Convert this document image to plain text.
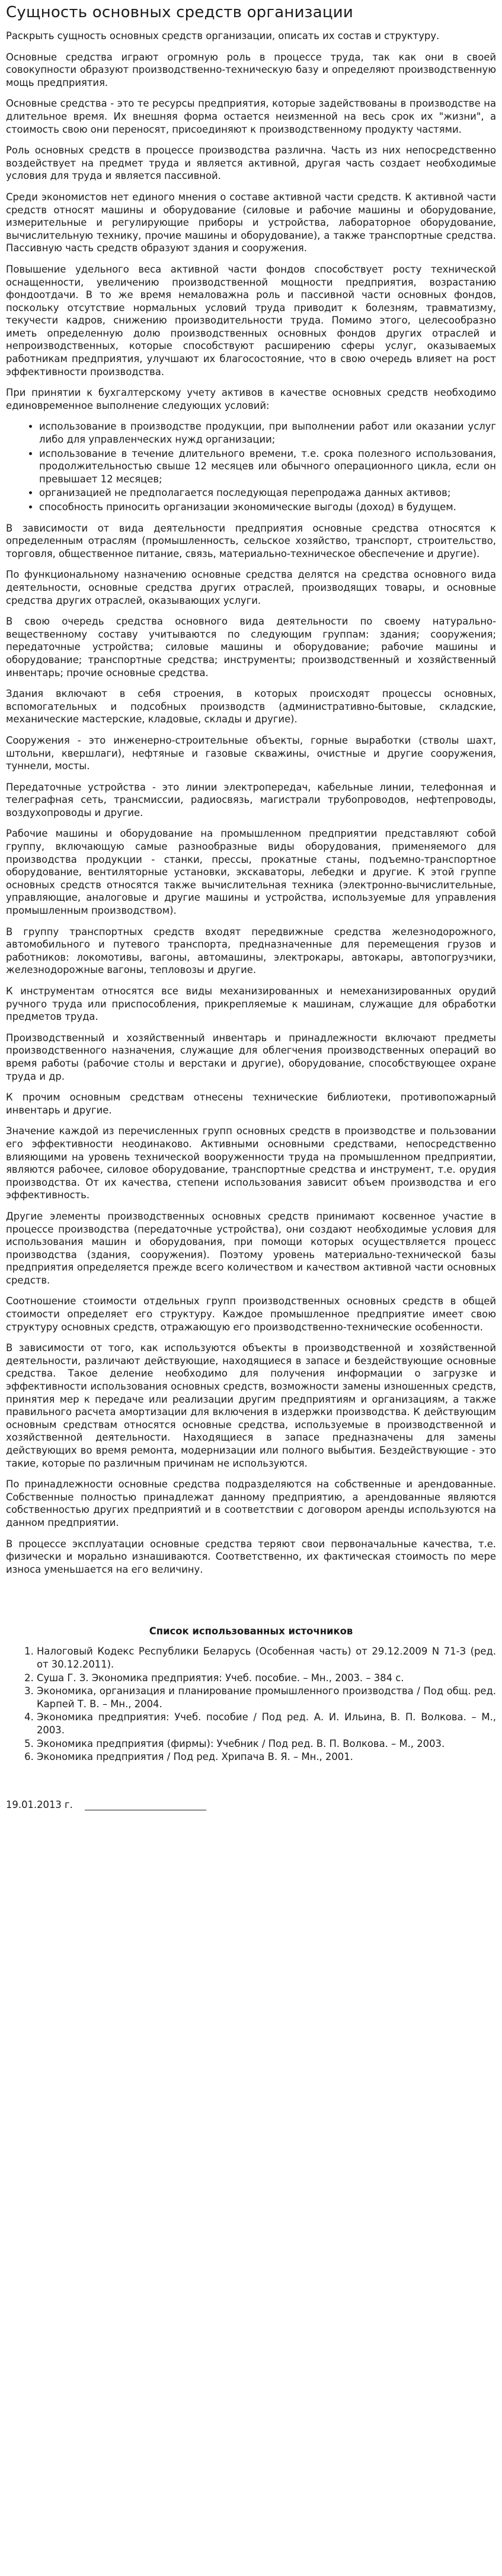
Сущность основных средств организации

Раскрыть сущность основных средств организации, описать их состав и структуру.

Основные средства играют огромную роль в процессе труда, так как они в своей совокупности образуют производственно-техническую базу и определяют производственную мощь предприятия.

Основные средства - это те ресурсы предприятия, которые задействованы в производстве на длительное время. Их внешняя форма остается неизменной на весь срок их "жизни", а стоимость свою они переносят, присоединяют к производственному продукту частями.

Роль основных средств в процессе производства различна. Часть из них непосредственно воздействует на предмет труда и является активной, другая часть создает необходимые условия для труда и является пассивной.

Среди экономистов нет единого мнения о составе активной части средств. К активной части средств относят машины и оборудование (силовые и рабочие машины и оборудование, измерительные и регулирующие приборы и устройства, лабораторное оборудование, вычислительную технику, прочие машины и оборудование), а также транспортные средства. Пассивную часть средств образуют здания и сооружения.

Повышение удельного веса активной части фондов способствует росту технической оснащенности, увеличению производственной мощности предприятия, возрастанию фондоотдачи. В то же время немаловажна роль и пассивной части основных фондов, поскольку отсутствие нормальных условий труда приводит к болезням, травматизму, текучести кадров, снижению производительности труда. Помимо этого, целесообразно иметь определенную долю производственных основных фондов других отраслей и непроизводственных, которые способствуют расширению сферы услуг, оказываемых работникам предприятия, улучшают их благосостояние, что в свою очередь влияет на рост эффективности производства.

При принятии к бухгалтерскому учету активов в качестве основных средств необходимо единовременное выполнение следующих условий:

• использование в производстве продукции, при выполнении работ или оказании услуг либо для управленческих нужд организации;
• использование в течение длительного времени, т.е. срока полезного использования, продолжительностью свыше 12 месяцев или обычного операционного цикла, если он превышает 12 месяцев;
• организацией не предполагается последующая перепродажа данных активов;
• способность приносить организации экономические выгоды (доход) в будущем.

В зависимости от вида деятельности предприятия основные средства относятся к определенным отраслям (промышленность, сельское хозяйство, транспорт, строительство, торговля, общественное питание, связь, материально-техническое обеспечение и другие).

По функциональному назначению основные средства делятся на средства основного вида деятельности, основные средства других отраслей, производящих товары, и основные средства других отраслей, оказывающих услуги.

В свою очередь средства основного вида деятельности по своему натурально-вещественному составу учитываются по следующим группам: здания; сооружения; передаточные устройства; силовые машины и оборудование; рабочие машины и оборудование; транспортные средства; инструменты; производственный и хозяйственный инвентарь; прочие основные средства.

Здания включают в себя строения, в которых происходят процессы основных, вспомогательных и подсобных производств (административно-бытовые, складские, механические мастерские, кладовые, склады и другие).

Сооружения - это инженерно-строительные объекты, горные выработки (стволы шахт, штольни, квершлаги), нефтяные и газовые скважины, очистные и другие сооружения, туннели, мосты.

Передаточные устройства - это линии электропередач, кабельные линии, телефонная и телеграфная сеть, трансмиссии, радиосвязь, магистрали трубопроводов, нефтепроводы, воздухопроводы и другие.

Рабочие машины и оборудование на промышленном предприятии представляют собой группу, включающую самые разнообразные виды оборудования, применяемого для производства продукции - станки, прессы, прокатные станы, подъемно-транспортное оборудование, вентиляторные установки, экскаваторы, лебедки и другие. К этой группе основных средств относятся также вычислительная техника (электронно-вычислительные, управляющие, аналоговые и другие машины и устройства, используемые для управления промышленным производством).

В группу транспортных средств входят передвижные средства железнодорожного, автомобильного и путевого транспорта, предназначенные для перемещения грузов и работников: локомотивы, вагоны, автомашины, электрокары, автокары, автопогрузчики, железнодорожные вагоны, тепловозы и другие.

К инструментам относятся все виды механизированных и немеханизированных орудий ручного труда или приспособления, прикрепляемые к машинам, служащие для обработки предметов труда.

Производственный и хозяйственный инвентарь и принадлежности включают предметы производственного назначения, служащие для облегчения производственных операций во время работы (рабочие столы и верстаки и другие), оборудование, способствующее охране труда и др.

К прочим основным средствам отнесены технические библиотеки, противопожарный инвентарь и другие.

Значение каждой из перечисленных групп основных средств в производстве и пользовании его эффективности неодинаково. Активными основными средствами, непосредственно влияющими на уровень технической вооруженности труда на промышленном предприятии, являются рабочее, силовое оборудование, транспортные средства и инструмент, т.е. орудия производства. От их качества, степени использования зависит объем производства и его эффективность.

Другие элементы производственных основных средств принимают косвенное участие в процессе производства (передаточные устройства), они создают необходимые условия для использования машин и оборудования, при помощи которых осуществляется процесс производства (здания, сооружения). Поэтому уровень материально-технической базы предприятия определяется прежде всего количеством и качеством активной части основных средств.

Соотношение стоимости отдельных групп производственных основных средств в общей стоимости определяет его структуру. Каждое промышленное предприятие имеет свою структуру основных средств, отражающую его производственно-технические особенности.

В зависимости от того, как используются объекты в производственной и хозяйственной деятельности, различают действующие, находящиеся в запасе и бездействующие основные средства. Такое деление необходимо для получения информации о загрузке и эффективности использования основных средств, возможности замены изношенных средств, принятия мер к передаче или реализации другим предприятиям и организациям, а также правильного расчета амортизации для включения в издержки производства. К действующим основным средствам относятся основные средства, используемые в производственной и хозяйственной деятельности. Находящиеся в запасе предназначены для замены действующих во время ремонта, модернизации или полного выбытия. Бездействующие - это такие, которые по различным причинам не используются.

По принадлежности основные средства подразделяются на собственные и арендованные. Собственные полностью принадлежат данному предприятию, а арендованные являются собственностью других предприятий и в соответствии с договором аренды используются на данном предприятии.

В процессе эксплуатации основные средства теряют свои первоначальные качества, т.е. физически и морально изнашиваются. Соответственно, их фактическая стоимость по мере износа уменьшается на его величину.

Список использованных источников
1. Налоговый Кодекс Республики Беларусь (Особенная часть) от 29.12.2009 N 71-З (ред. от 30.12.2011).
2. Суша Г. З. Экономика предприятия: Учеб. пособие. – Мн., 2003. – 384 с.
3. Экономика, организация и планирование промышленного производства / Под общ. ред. Карпей Т. В. – Мн., 2004.
4. Экономика предприятия: Учеб. пособие / Под ред. А. И. Ильина, В. П. Волкова. – М., 2003.
5. Экономика предприятия (фирмы): Учебник / Под ред. В. П. Волкова. – М., 2003.
6. Экономика предприятия / Под ред. Хрипача В. Я. – Мн., 2001.
19.01.2013 г.
